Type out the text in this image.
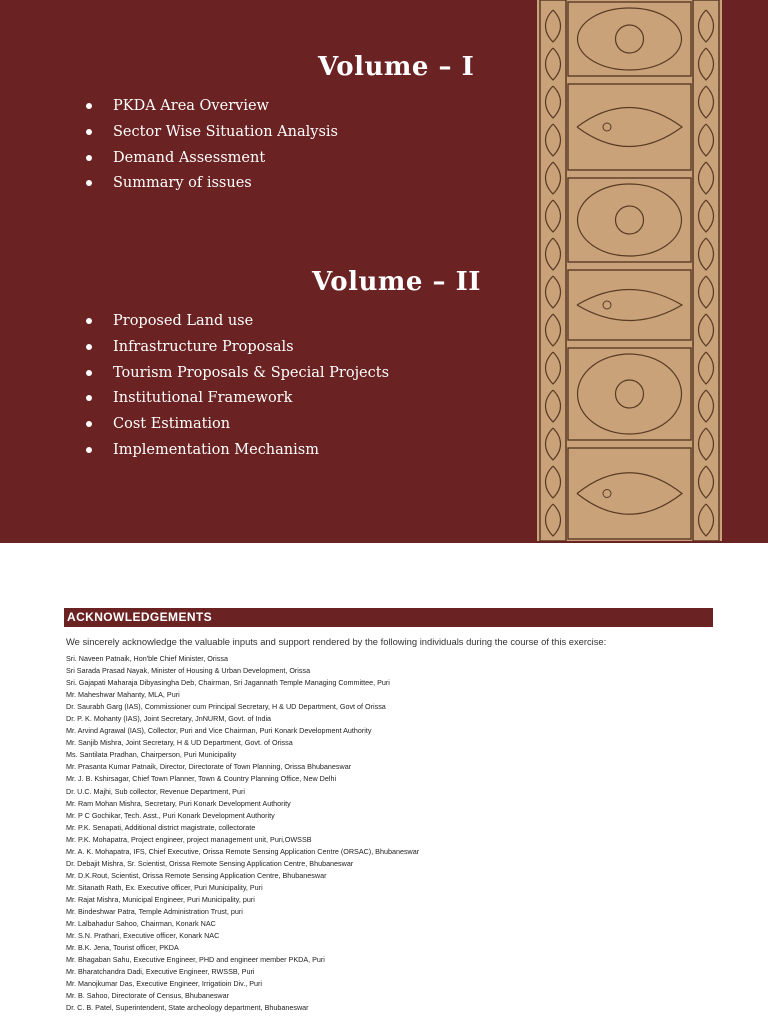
Volume – I
PKDA Area Overview
Sector Wise Situation Analysis
Demand Assessment
Summary of issues
Volume – II
Proposed Land use
Infrastructure Proposals
Tourism Proposals & Special Projects
Institutional Framework
Cost Estimation
Implementation Mechanism
ACKNOWLEDGEMENTS
We sincerely acknowledge the valuable inputs and support rendered by the following individuals during the course of this exercise:
Sri. Naveen Patnaik, Hon'ble Chief Minister, Orissa
Sri Sarada Prasad Nayak, Minister of Housing & Urban Development, Orissa
Sri. Gajapati Maharaja Dibyasingha Deb, Chairman, Sri Jagannath Temple Managing Committee, Puri
Mr. Maheshwar Mahanty, MLA, Puri
Dr. Saurabh Garg (IAS), Commissioner cum Principal Secretary, H & UD Department, Govt of Orissa
Dr. P. K. Mohanty (IAS), Joint Secretary, JnNURM, Govt. of India
Mr. Arvind Agrawal (IAS), Collector, Puri and Vice Chairman, Puri Konark Development Authority
Mr. Sanjib Mishra, Joint Secretary, H & UD Department, Govt. of Orissa
Ms. Santilata Pradhan, Chairperson, Puri Municipality
Mr. Prasanta Kumar Patnaik, Director, Directorate of Town Planning, Orissa Bhubaneswar
Mr. J. B. Kshirsagar, Chief Town Planner, Town & Country Planning Office, New Delhi
Dr. U.C. Majhi, Sub collector, Revenue Department, Puri
Mr. Ram Mohan Mishra, Secretary, Puri Konark Development Authority
Mr. P C Gochikar, Tech. Asst., Puri Konark Development Authority
Mr. P.K. Senapati, Additional district magistrate, collectorate
Mr. P.K. Mohapatra, Project engineer, project management unit, Puri,OWSSB
Mr. A. K. Mohapatra, IFS, Chief Executive, Orissa Remote Sensing Application Centre (ORSAC), Bhubaneswar
Dr. Debajit Mishra, Sr. Scientist, Orissa Remote Sensing Application Centre, Bhubaneswar
Mr. D.K.Rout, Scientist, Orissa Remote Sensing Application Centre, Bhubaneswar
Mr. Sitanath Rath, Ex. Executive officer, Puri Municipality, Puri
Mr. Rajat Mishra, Municipal Engineer, Puri Municipality, puri
Mr. Bindeshwar Patra, Temple Administration Trust, puri
Mr. Lalbahadur Sahoo, Chairman, Konark NAC
Mr. S.N. Prathari, Executive officer, Konark NAC
Mr. B.K. Jena, Tourist officer, PKDA
Mr. Bhagaban Sahu, Executive Engineer, PHD and engineer member PKDA, Puri
Mr. Bharatchandra Dadi, Executive Engineer, RWSSB, Puri
Mr. Manojkumar Das, Executive Engineer, Irrigatioin Div., Puri
Mr. B. Sahoo, Directorate of Census, Bhubaneswar
Dr. C. B. Patel, Superintendent, State archeology department, Bhubaneswar
